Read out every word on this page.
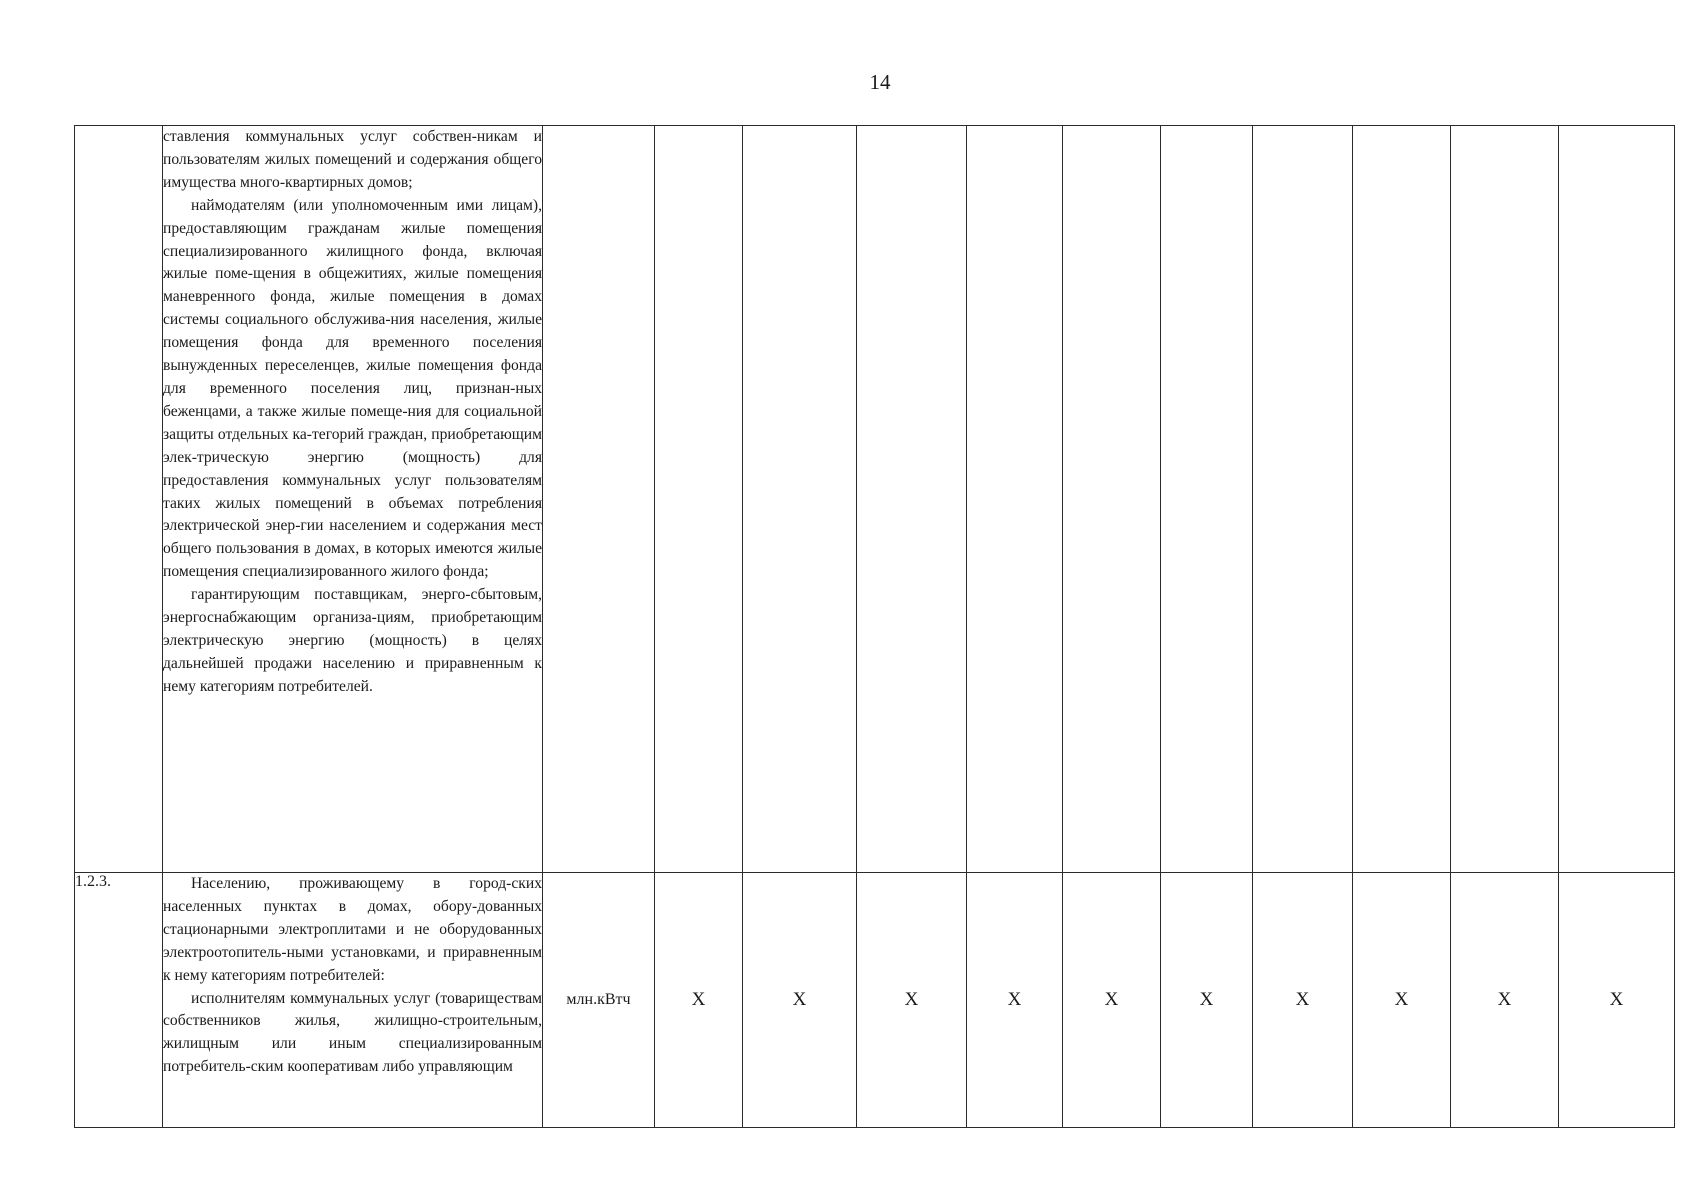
14

	ставления коммунальных услуг собствен-никам и пользователям жилых помещений и содержания общего имущества много-квартирных домов;

наймодателям (или уполномоченным ими лицам), предоставляющим гражданам жилые помещения специализированного жилищного фонда, включая жилые поме-щения в общежитиях, жилые помещения маневренного фонда, жилые помещения в домах системы социального обслужива-ния населения, жилые помещения фонда для временного поселения вынужденных переселенцев, жилые помещения фонда для временного поселения лиц, признан-ных беженцами, а также жилые помеще-ния для социальной защиты отдельных ка-тегорий граждан, приобретающим элек-трическую энергию (мощность) для предоставления коммунальных услуг пользователям таких жилых помещений в объемах потребления электрической энер-гии населением и содержания мест общего пользования в домах, в которых имеются жилые помещения специализированного жилого фонда;

гарантирующим поставщикам, энерго-сбытовым, энергоснабжающим организа-циям, приобретающим электрическую энергию (мощность) в целях дальнейшей продажи населению и приравненным к нему категориям потребителей.											

1.2.3.	Населению, проживающему в город-ских населенных пунктах в домах, обору-дованных стационарными электроплитами и не оборудованных электроотопитель-ными установками, и приравненным к нему категориям потребителей:

исполнителям коммунальных услуг (товариществам собственников жилья, жилищно-строительным, жилищным или иным специализированным потребитель-ским кооперативам либо управляющим	млн.кВтч	Х	Х	Х	Х	Х	Х	Х	Х	Х	Х
